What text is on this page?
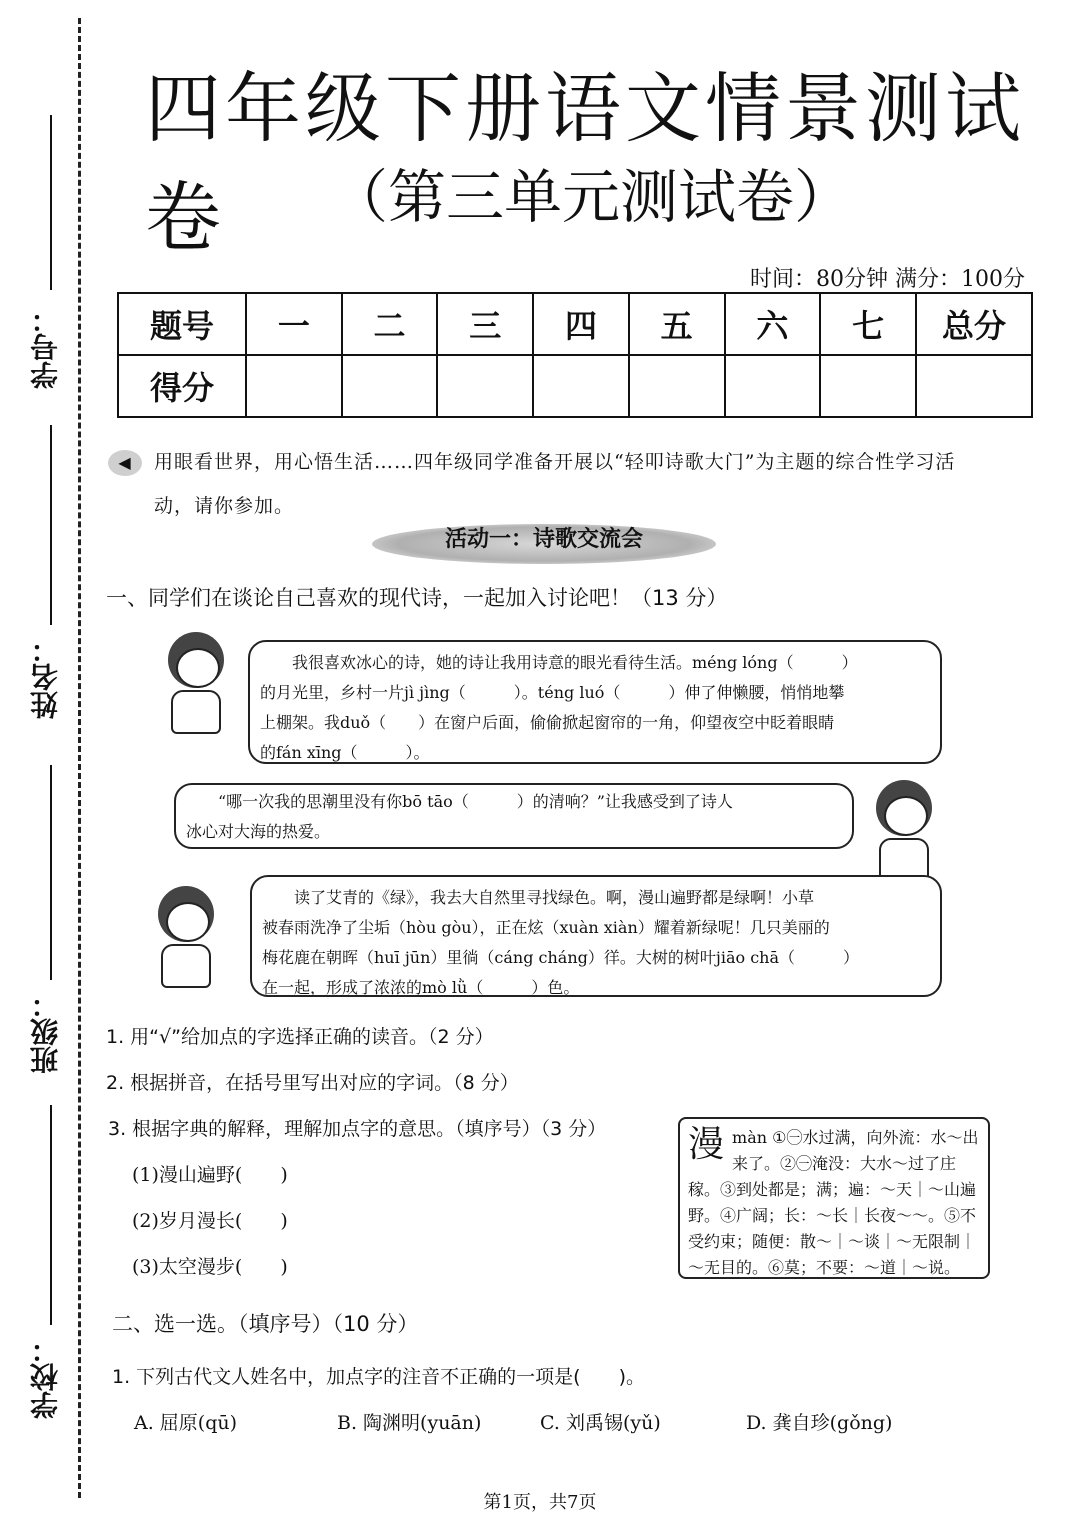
学号：
姓名：
班级：
学校：
四年级下册语文情景测试卷	（第三单元测试卷）
时间：80分钟 满分：100分
题号	一	二	三	四	五	六	七	总分
得分								
◀ 用眼看世界，用心悟生活……四年级同学准备开展以“轻叩诗歌大门”为主题的综合性学习活
动，请你参加。
活动一：诗歌交流会
一、同学们在谈论自己喜欢的现代诗，一起加入讨论吧！（13 分）
　　我很喜欢冰心的诗，她的诗让我用诗意的眼光看待生活。méng lóng（　　　）
的月光里，乡村一片jì jìng（　　　）。téng luó（　　　）伸了伸懒腰，悄悄地攀
上棚架。我duǒ（　　）在窗户后面，偷偷掀起窗帘的一角，仰望夜空中眨着眼睛
的fán xīng（　　　）。
　　“哪一次我的思潮里没有你bō tāo（　　　）的清响？”让我感受到了诗人
冰心对大海的热爱。
　　读了艾青的《绿》，我去大自然里寻找绿色。啊，漫山遍野都是绿啊！小草
被春雨洗净了尘垢（hòu gòu），正在炫（xuàn xiàn）耀着新绿呢！几只美丽的
梅花鹿在朝晖（huī jūn）里徜（cáng cháng）徉。大树的树叶jiāo chā（　　　）
在一起，形成了浓浓的mò lǜ（　　　）色。
1. 用“√”给加点的字选择正确的读音。（2 分）
2. 根据拼音，在括号里写出对应的字词。（8 分）
3. 根据字典的解释，理解加点字的意思。（填序号）（3 分）
(1)漫山遍野(　　)
(2)岁月漫长(　　)
(3)太空漫步(　　)
漫 màn ①㊀水过满，向外流：水～出来了。②㊀淹没：大水～过了庄稼。③到处都是；满；遍：～天｜～山遍野。④广阔；长：～长｜长夜～～。⑤不受约束；随便：散～｜～谈｜～无限制｜～无目的。⑥莫；不要：～道｜～说。
二、选一选。（填序号）（10 分）
1. 下列古代文人姓名中，加点字的注音不正确的一项是(　　)。
A. 屈原(qū)	B. 陶渊明(yuān)	C. 刘禹锡(yǔ)	D. 龚自珍(gǒng)
第1页，共7页
